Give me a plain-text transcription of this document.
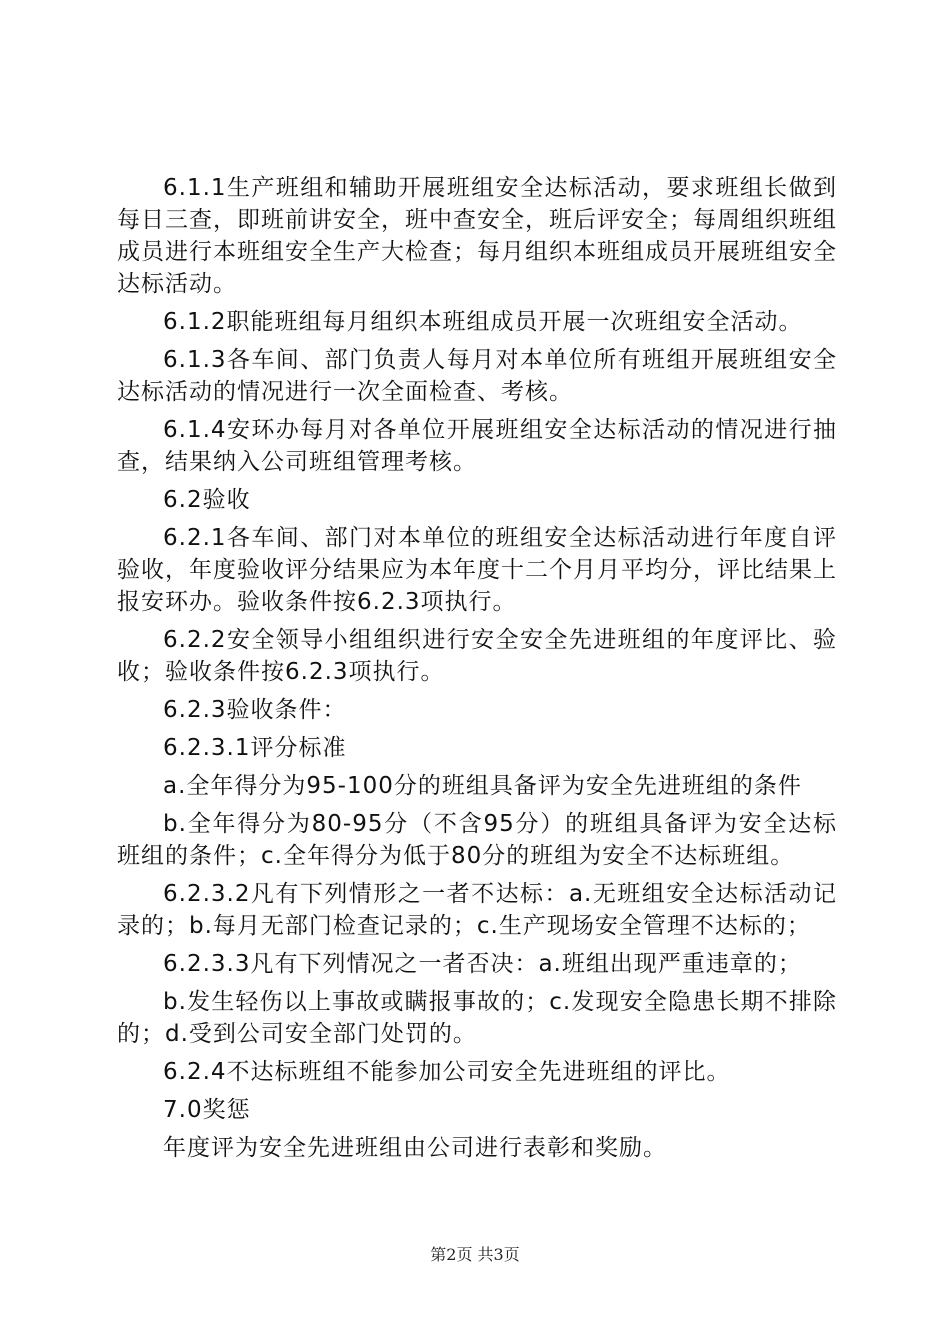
6.1.1生产班组和辅助开展班组安全达标活动，要求班组长做到每日三查，即班前讲安全，班中查安全，班后评安全；每周组织班组成员进行本班组安全生产大检查；每月组织本班组成员开展班组安全达标活动。

6.1.2职能班组每月组织本班组成员开展一次班组安全活动。

6.1.3各车间、部门负责人每月对本单位所有班组开展班组安全达标活动的情况进行一次全面检查、考核。

6.1.4安环办每月对各单位开展班组安全达标活动的情况进行抽查，结果纳入公司班组管理考核。

6.2验收

6.2.1各车间、部门对本单位的班组安全达标活动进行年度自评验收，年度验收评分结果应为本年度十二个月月平均分，评比结果上报安环办。验收条件按6.2.3项执行。

6.2.2安全领导小组组织进行安全安全先进班组的年度评比、验收；验收条件按6.2.3项执行。

6.2.3验收条件：

6.2.3.1评分标准

a.全年得分为95-100分的班组具备评为安全先进班组的条件

b.全年得分为80-95分（不含95分）的班组具备评为安全达标班组的条件；c.全年得分为低于80分的班组为安全不达标班组。

6.2.3.2凡有下列情形之一者不达标：a.无班组安全达标活动记录的；b.每月无部门检查记录的；c.生产现场安全管理不达标的；

6.2.3.3凡有下列情况之一者否决：a.班组出现严重违章的；

b.发生轻伤以上事故或瞒报事故的；c.发现安全隐患长期不排除的；d.受到公司安全部门处罚的。

6.2.4不达标班组不能参加公司安全先进班组的评比。

7.0奖惩

年度评为安全先进班组由公司进行表彰和奖励。

第2页 共3页
